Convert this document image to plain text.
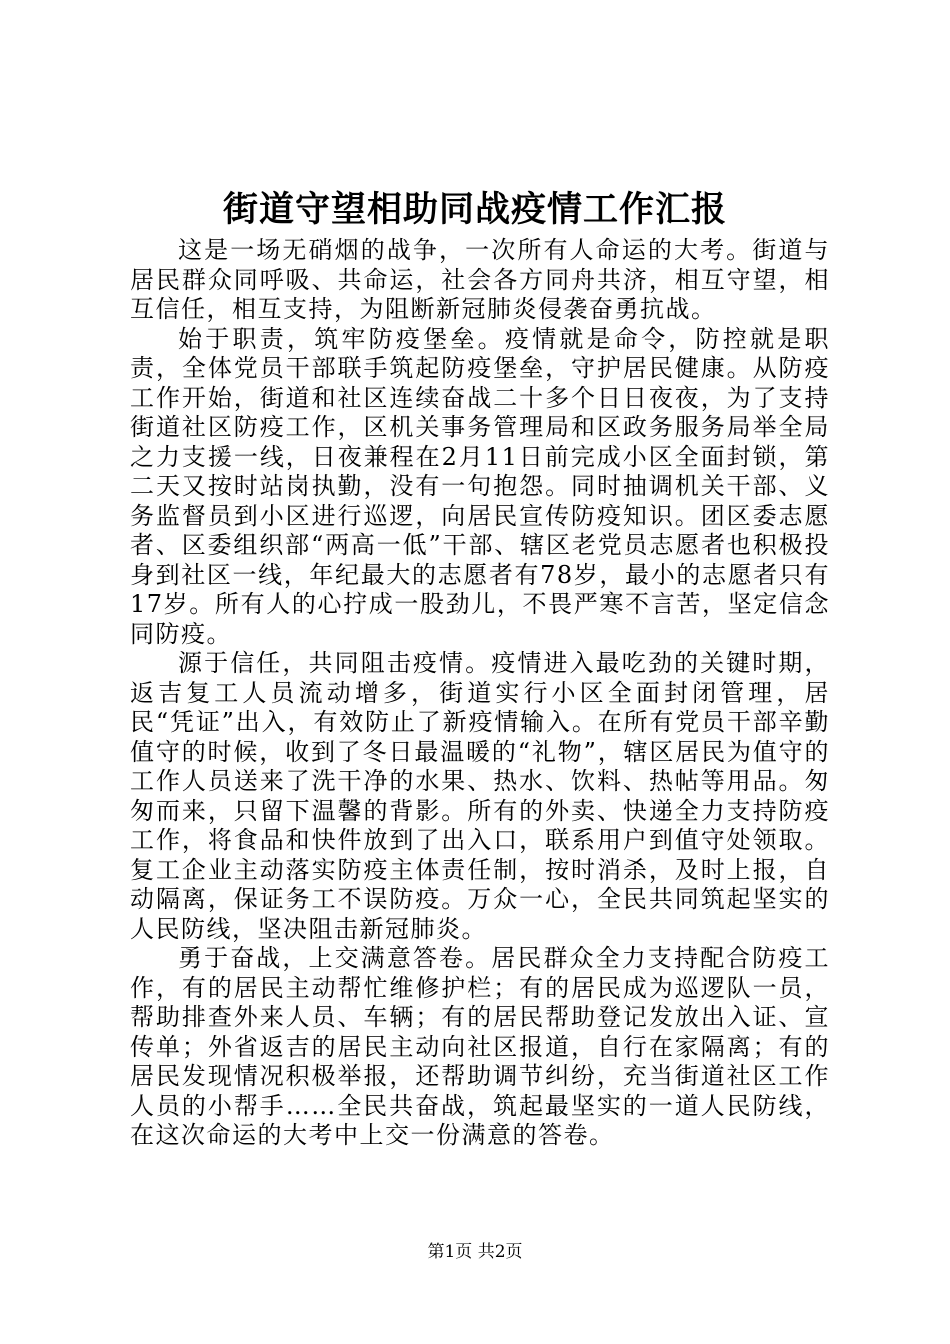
街道守望相助同战疫情工作汇报

这是一场无硝烟的战争，一次所有人命运的大考。街道与居民群众同呼吸、共命运，社会各方同舟共济，相互守望，相互信任，相互支持，为阻断新冠肺炎侵袭奋勇抗战。

始于职责，筑牢防疫堡垒。疫情就是命令，防控就是职责，全体党员干部联手筑起防疫堡垒，守护居民健康。从防疫工作开始，街道和社区连续奋战二十多个日日夜夜，为了支持街道社区防疫工作，区机关事务管理局和区政务服务局举全局之力支援一线，日夜兼程在2月11日前完成小区全面封锁，第二天又按时站岗执勤，没有一句抱怨。同时抽调机关干部、义务监督员到小区进行巡逻，向居民宣传防疫知识。团区委志愿者、区委组织部“两高一低”干部、辖区老党员志愿者也积极投身到社区一线，年纪最大的志愿者有78岁，最小的志愿者只有17岁。所有人的心拧成一股劲儿，不畏严寒不言苦，坚定信念同防疫。

源于信任，共同阻击疫情。疫情进入最吃劲的关键时期，返吉复工人员流动增多，街道实行小区全面封闭管理，居民“凭证”出入，有效防止了新疫情输入。在所有党员干部辛勤值守的时候，收到了冬日最温暖的“礼物”，辖区居民为值守的工作人员送来了洗干净的水果、热水、饮料、热帖等用品。匆匆而来，只留下温馨的背影。所有的外卖、快递全力支持防疫工作，将食品和快件放到了出入口，联系用户到值守处领取。复工企业主动落实防疫主体责任制，按时消杀，及时上报，自动隔离，保证务工不误防疫。万众一心，全民共同筑起坚实的人民防线，坚决阻击新冠肺炎。

勇于奋战，上交满意答卷。居民群众全力支持配合防疫工作，有的居民主动帮忙维修护栏；有的居民成为巡逻队一员，帮助排查外来人员、车辆；有的居民帮助登记发放出入证、宣传单；外省返吉的居民主动向社区报道，自行在家隔离；有的居民发现情况积极举报，还帮助调节纠纷，充当街道社区工作人员的小帮手……全民共奋战，筑起最坚实的一道人民防线，在这次命运的大考中上交一份满意的答卷。

第1页 共2页
